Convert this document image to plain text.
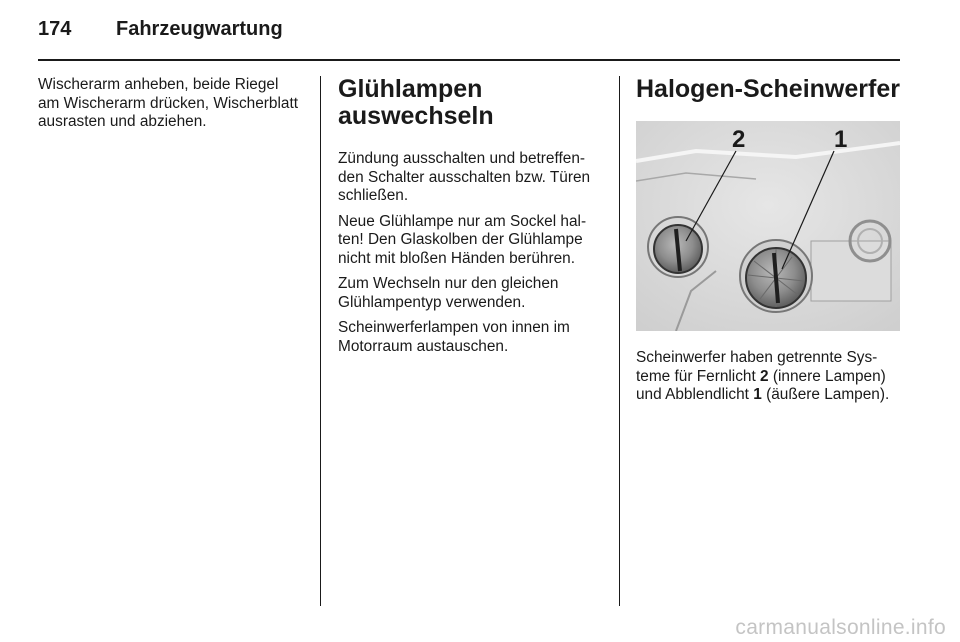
174	Fahrzeugwartung

Wischerarm anheben, beide Riegel am Wischerarm drücken, Wischerblatt ausrasten und abziehen.

Glühlampen
auswechseln

Zündung ausschalten und betreffenden Schalter ausschalten bzw. Türen schließen.

Neue Glühlampe nur am Sockel halten! Den Glaskolben der Glühlampe nicht mit bloßen Händen berühren.

Zum Wechseln nur den gleichen Glühlampentyp verwenden.

Scheinwerferlampen von innen im Motorraum austauschen.

Halogen-Scheinwerfer
2	1

Scheinwerfer haben getrennte Systeme für Fernlicht 2 (innere Lampen) und Abblendlicht 1 (äußere Lampen).

carmanualsonline.info
